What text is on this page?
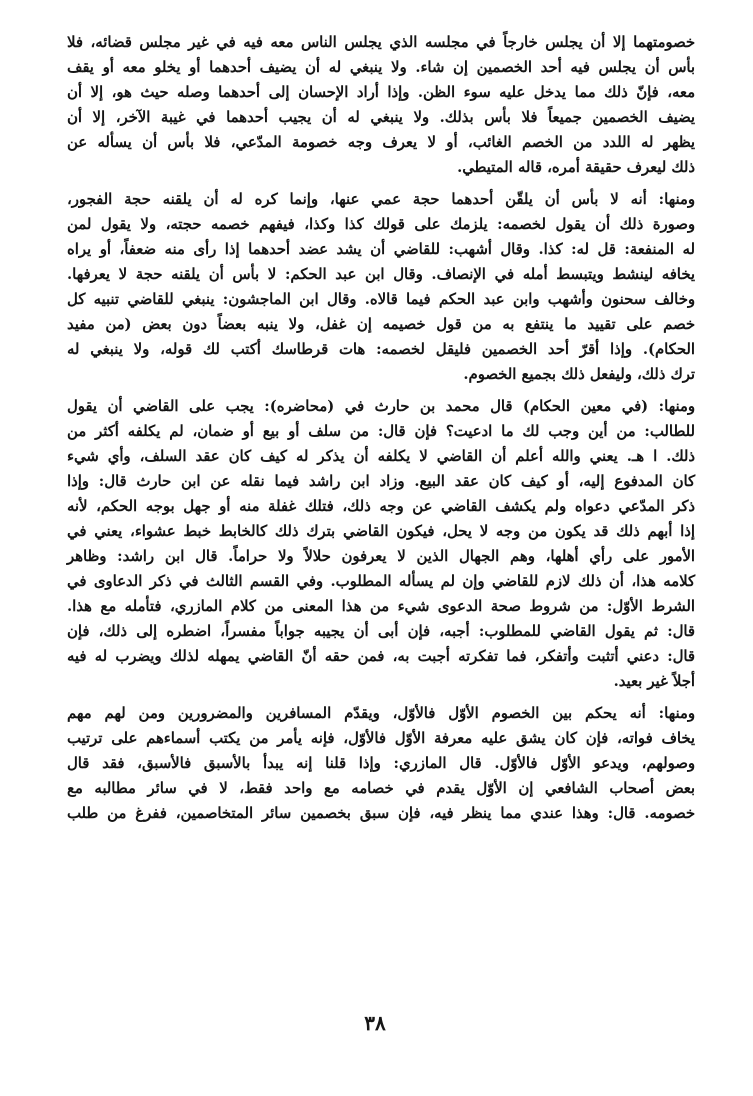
خصومتهما إلا أن يجلس خارجاً في مجلسه الذي يجلس الناس معه فيه في غير مجلس قضائه، فلا
بأس أن يجلس فيه أحد الخصمين إن شاء. ولا ينبغي له أن يضيف أحدهما أو يخلو معه أو يقف
معه، فإنّ ذلك مما يدخل عليه سوء الظن. وإذا أراد الإحسان إلى أحدهما وصله حيث هو، إلا أن
يضيف الخصمين جميعاً فلا بأس بذلك. ولا ينبغي له أن يجيب أحدهما في غيبة الآخر، إلا أن
يظهر له اللدد من الخصم الغائب، أو لا يعرف وجه خصومة المدّعي، فلا بأس أن يسأله عن
ذلك ليعرف حقيقة أمره، قاله المتيطي.
ومنها: أنه لا بأس أن يلقّن أحدهما حجة عمي عنها، وإنما كره له أن يلقنه حجة الفجور،
وصورة ذلك أن يقول لخصمه: يلزمك على قولك كذا وكذا، فيفهم خصمه حجته، ولا يقول لمن
له المنفعة: قل له: كذا. وقال أشهب: للقاضي أن يشد عضد أحدهما إذا رأى منه ضعفاً، أو يراه
يخافه لينشط ويتبسط أمله في الإنصاف. وقال ابن عبد الحكم: لا بأس أن يلقنه حجة لا يعرفها.
وخالف سحنون وأشهب وابن عبد الحكم فيما قالاه. وقال ابن الماجشون: ينبغي للقاضي تنبيه كل
خصم على تقييد ما ينتفع به من قول خصيمه إن غفل، ولا ينبه بعضاً دون بعض (من مفيد
الحكام). وإذا أقرّ أحد الخصمين فليقل لخصمه: هات قرطاسك أكتب لك قوله، ولا ينبغي له
ترك ذلك، وليفعل ذلك بجميع الخصوم.
ومنها: (في معين الحكام) قال محمد بن حارث في (محاضره): يجب على القاضي أن يقول
للطالب: من أين وجب لك ما ادعيت؟ فإن قال: من سلف أو بيع أو ضمان، لم يكلفه أكثر من
ذلك. ا هـ. يعني والله أعلم أن القاضي لا يكلفه أن يذكر له كيف كان عقد السلف، وأي شيء
كان المدفوع إليه، أو كيف كان عقد البيع. وزاد ابن راشد فيما نقله عن ابن حارث قال: وإذا
ذكر المدّعي دعواه ولم يكشف القاضي عن وجه ذلك، فتلك غفلة منه أو جهل بوجه الحكم، لأنه
إذا أبهم ذلك قد يكون من وجه لا يحل، فيكون القاضي بترك ذلك كالخابط خبط عشواء، يعني في
الأمور على رأي أهلها، وهم الجهال الذين لا يعرفون حلالاً ولا حراماً. قال ابن راشد: وظاهر
كلامه هذا، أن ذلك لازم للقاضي وإن لم يسأله المطلوب. وفي القسم الثالث في ذكر الدعاوى في
الشرط الأوّل: من شروط صحة الدعوى شيء من هذا المعنى من كلام المازري، فتأمله مع هذا.
قال: ثم يقول القاضي للمطلوب: أجبه، فإن أبى أن يجيبه جواباً مفسراً، اضطره إلى ذلك، فإن
قال: دعني أتثبت وأتفكر، فما تفكرته أجبت به، فمن حقه أنّ القاضي يمهله لذلك ويضرب له فيه
أجلاً غير بعيد.
ومنها: أنه يحكم بين الخصوم الأوّل فالأوّل، ويقدّم المسافرين والمضرورين ومن لهم مهم
يخاف فواته، فإن كان يشق عليه معرفة الأوّل فالأوّل، فإنه يأمر من يكتب أسماءهم على ترتيب
وصولهم، ويدعو الأوّل فالأوّل. قال المازري: وإذا قلنا إنه يبدأ بالأسبق فالأسبق، فقد قال
بعض أصحاب الشافعي إن الأوّل يقدم في خصامه مع واحد فقط، لا في سائر مطالبه مع
خصومه. قال: وهذا عندي مما ينظر فيه، فإن سبق بخصمين سائر المتخاصمين، ففرغ من طلب
٣٨
